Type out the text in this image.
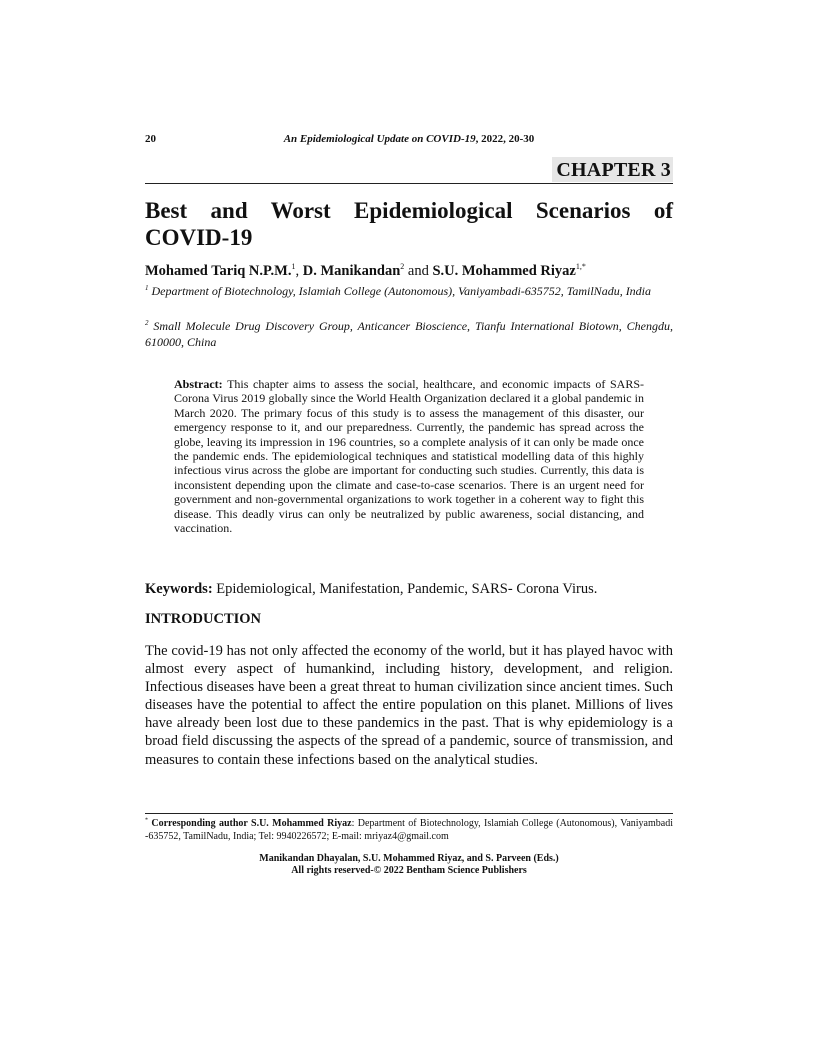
20	An Epidemiological Update on COVID-19, 2022, 20-30
CHAPTER 3
Best and Worst Epidemiological Scenarios of COVID-19
Mohamed Tariq N.P.M.$^1$, D. Manikandan$^2$ and S.U. Mohammed Riyaz$^{1,*}$
$^1$ Department of Biotechnology, Islamiah College (Autonomous), Vaniyambadi-635752, TamilNadu, India
$^2$ Small Molecule Drug Discovery Group, Anticancer Bioscience, Tianfu International Biotown, Chengdu, 610000, China
Abstract: This chapter aims to assess the social, healthcare, and economic impacts of SARS-Corona Virus 2019 globally since the World Health Organization declared it a global pandemic in March 2020. The primary focus of this study is to assess the management of this disaster, our emergency response to it, and our preparedness. Currently, the pandemic has spread across the globe, leaving its impression in 196 countries, so a complete analysis of it can only be made once the pandemic ends. The epidemiological techniques and statistical modelling data of this highly infectious virus across the globe are important for conducting such studies. Currently, this data is inconsistent depending upon the climate and case-to-case scenarios. There is an urgent need for government and non-governmental organizations to work together in a coherent way to fight this disease. This deadly virus can only be neutralized by public awareness, social distancing, and vaccination.
Keywords: Epidemiological, Manifestation, Pandemic, SARS- Corona Virus.
INTRODUCTION
The covid-19 has not only affected the economy of the world, but it has played havoc with almost every aspect of humankind, including history, development, and religion. Infectious diseases have been a great threat to human civilization since ancient times. Such diseases have the potential to affect the entire population on this planet. Millions of lives have already been lost due to these pandemics in the past. That is why epidemiology is a broad field discussing the aspects of the spread of a pandemic, source of transmission, and measures to contain these infections based on the analytical studies.
* Corresponding author S.U. Mohammed Riyaz: Department of Biotechnology, Islamiah College (Autonomous), Vaniyambadi -635752, TamilNadu, India; Tel: 9940226572; E-mail: mriyaz4@gmail.com
Manikandan Dhayalan, S.U. Mohammed Riyaz, and S. Parveen (Eds.)
All rights reserved-© 2022 Bentham Science Publishers
